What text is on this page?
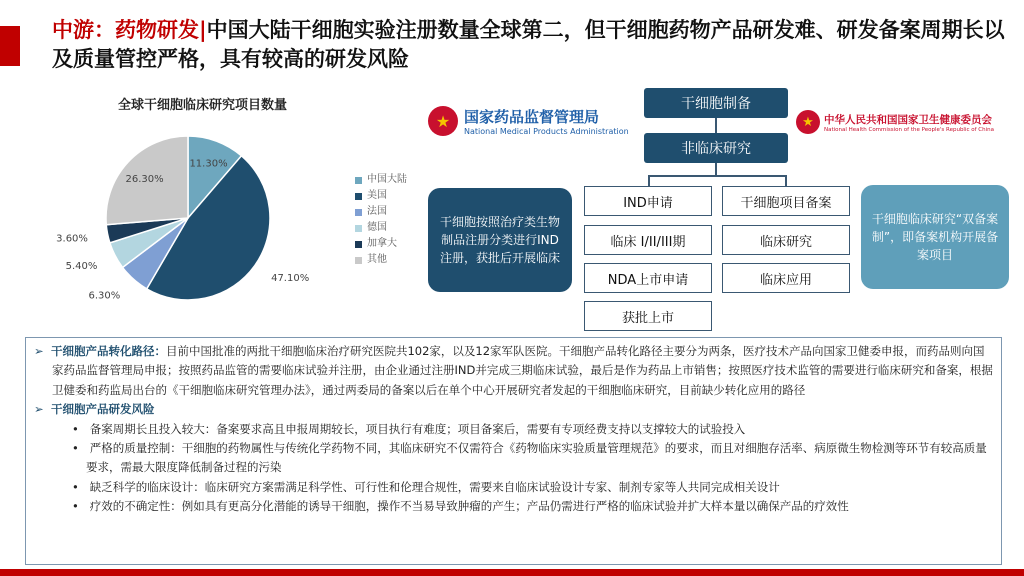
中游：药物研发|中国大陆干细胞实验注册数量全球第二，但干细胞药物产品研发难、研发备案周期长以及质量管控严格，具有较高的研发风险
全球干细胞临床研究项目数量
11.30%
47.10%
6.30%
5.40%
3.60%
26.30%	中国大陆
美国
法国
德国
加拿大
其他
★ 国家药品监督管理局
National Medical Products Administration
★ 中华人民共和国国家卫生健康委员会
National Health Commission of the People's Republic of China
干细胞制备
非临床研究
IND申请
临床 I/II/III期
NDA上市申请
获批上市
干细胞项目备案
临床研究
临床应用
干细胞按照治疗类生物制品注册分类进行IND注册，获批后开展临床
干细胞临床研究“双备案制”，即备案机构开展备案项目
➢  干细胞产品转化路径：目前中国批准的两批干细胞临床治疗研究医院共102家，以及12家军队医院。干细胞产品转化路径主要分为两条，医疗技术产品向国家卫健委申报，而药品则向国家药品监督管理局申报；按照药品监管的需要临床试验并注册，由企业通过注册IND并完成三期临床试验，最后是作为药品上市销售；按照医疗技术监管的需要进行临床研究和备案，根据卫健委和药监局出台的《干细胞临床研究管理办法》，通过两委局的备案以后在单个中心开展研究者发起的干细胞临床研究，目前缺少转化应用的路径
➢  干细胞产品研发风险
•   备案周期长且投入较大：备案要求高且申报周期较长，项目执行有难度；项目备案后，需要有专项经费支持以支撑较大的试验投入
•   严格的质量控制：干细胞的药物属性与传统化学药物不同，其临床研究不仅需符合《药物临床实验质量管理规范》的要求，而且对细胞存活率、病原微生物检测等环节有较高质量要求，需最大限度降低制备过程的污染
•   缺乏科学的临床设计：临床研究方案需满足科学性、可行性和伦理合规性，需要来自临床试验设计专家、制剂专家等人共同完成相关设计
•   疗效的不确定性：例如具有更高分化潜能的诱导干细胞，操作不当易导致肿瘤的产生；产品仍需进行严格的临床试验并扩大样本量以确保产品的疗效性
